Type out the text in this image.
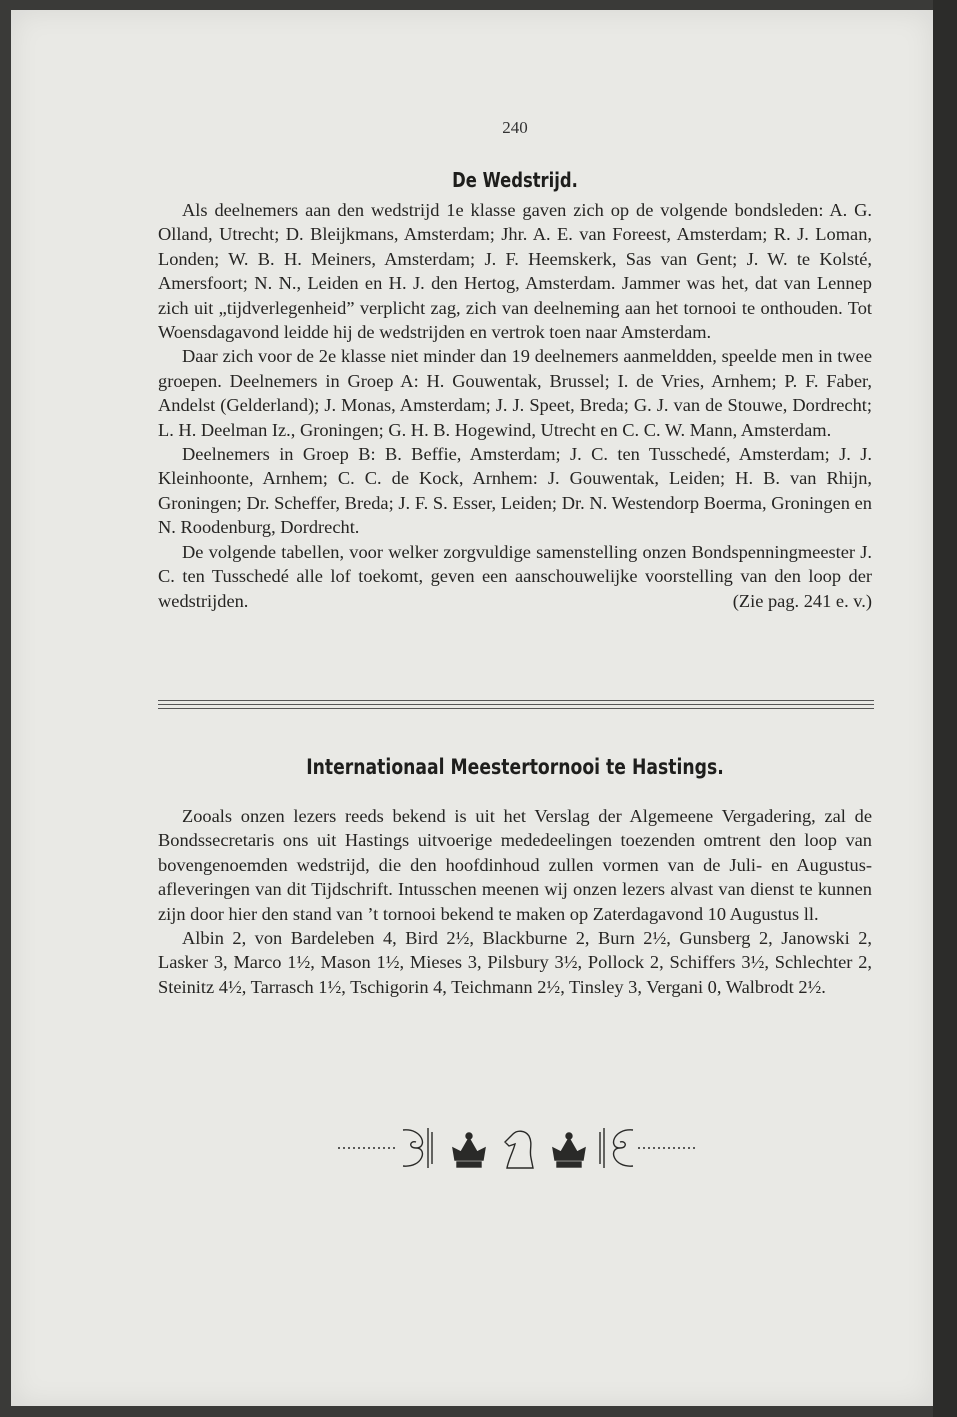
240
De Wedstrijd.

Als deelnemers aan den wedstrijd 1e klasse gaven zich op de volgende bondsleden: A. G. Olland, Utrecht; D. Bleijkmans, Amsterdam; Jhr. A. E. van Foreest, Amsterdam; R. J. Loman, Londen; W. B. H. Meiners, Amsterdam; J. F. Heemskerk, Sas van Gent; J. W. te Kolsté, Amersfoort; N. N., Leiden en H. J. den Hertog, Amsterdam. Jammer was het, dat van Lennep zich uit „tijdverlegenheid” verplicht zag, zich van deelneming aan het tornooi te onthouden. Tot Woensdagavond leidde hij de wedstrijden en vertrok toen naar Amsterdam.

Daar zich voor de 2e klasse niet minder dan 19 deelnemers aanmeldden, speelde men in twee groepen. Deelnemers in Groep A: H. Gouwentak, Brussel; I. de Vries, Arnhem; P. F. Faber, Andelst (Gelderland); J. Monas, Amsterdam; J. J. Speet, Breda; G. J. van de Stouwe, Dordrecht; L. H. Deelman Iz., Groningen; G. H. B. Hogewind, Utrecht en C. C. W. Mann, Amsterdam.

Deelnemers in Groep B: B. Beffie, Amsterdam; J. C. ten Tusschedé, Amsterdam; J. J. Kleinhoonte, Arnhem; C. C. de Kock, Arnhem: J. Gouwentak, Leiden; H. B. van Rhijn, Groningen; Dr. Scheffer, Breda; J. F. S. Esser, Leiden; Dr. N. Westendorp Boerma, Groningen en N. Roodenburg, Dordrecht.

De volgende tabellen, voor welker zorgvuldige samenstelling onzen Bondspenningmeester J. C. ten Tusschedé alle lof toekomt, geven een aanschouwelijke voorstelling van den loop der wedstrijden.	(Zie pag. 241 e. v.)

Internationaal Meestertornooi te Hastings.

Zooals onzen lezers reeds bekend is uit het Verslag der Algemeene Vergadering, zal de Bondssecretaris ons uit Hastings uitvoerige mededeelingen toezenden omtrent den loop van bovengenoemden wedstrijd, die den hoofdinhoud zullen vormen van de Juli- en Augustus-afleveringen van dit Tijdschrift. Intusschen meenen wij onzen lezers alvast van dienst te kunnen zijn door hier den stand van ’t tornooi bekend te maken op Zaterdagavond 10 Augustus ll.

Albin 2, von Bardeleben 4, Bird 2½, Blackburne 2, Burn 2½, Gunsberg 2, Janowski 2, Lasker 3, Marco 1½, Mason 1½, Mieses 3, Pilsbury 3½, Pollock 2, Schiffers 3½, Schlechter 2, Steinitz 4½, Tarrasch 1½, Tschigorin 4, Teichmann 2½, Tinsley 3, Vergani 0, Walbrodt 2½.
